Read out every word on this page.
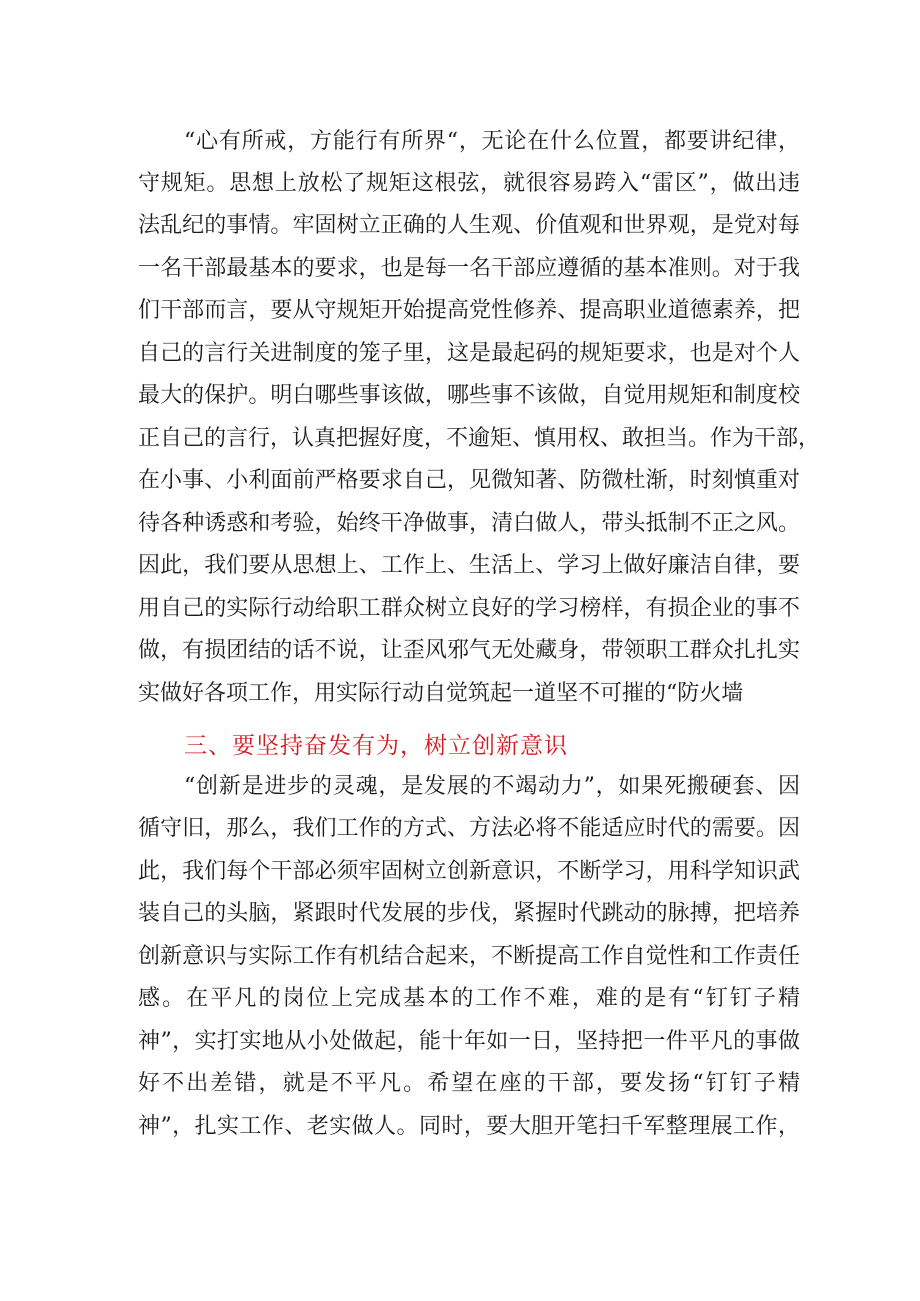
“心有所戒，方能行有所界“，无论在什么位置，都要讲纪律，
守规矩。思想上放松了规矩这根弦，就很容易跨入“雷区”，做出违
法乱纪的事情。牢固树立正确的人生观、价值观和世界观，是党对每
一名干部最基本的要求，也是每一名干部应遵循的基本准则。对于我
们干部而言，要从守规矩开始提高党性修养、提高职业道德素养，把
自己的言行关进制度的笼子里，这是最起码的规矩要求，也是对个人
最大的保护。明白哪些事该做，哪些事不该做，自觉用规矩和制度校
正自己的言行，认真把握好度，不逾矩、慎用权、敢担当。作为干部，
在小事、小利面前严格要求自己，见微知著、防微杜渐，时刻慎重对
待各种诱惑和考验，始终干净做事，清白做人，带头抵制不正之风。
因此，我们要从思想上、工作上、生活上、学习上做好廉洁自律，要
用自己的实际行动给职工群众树立良好的学习榜样，有损企业的事不
做，有损团结的话不说，让歪风邪气无处藏身，带领职工群众扎扎实
实做好各项工作，用实际行动自觉筑起一道坚不可摧的“防火墙
三、要坚持奋发有为，树立创新意识
“创新是进步的灵魂，是发展的不竭动力”，如果死搬硬套、因
循守旧，那么，我们工作的方式、方法必将不能适应时代的需要。因
此，我们每个干部必须牢固树立创新意识，不断学习，用科学知识武
装自己的头脑，紧跟时代发展的步伐，紧握时代跳动的脉搏，把培养
创新意识与实际工作有机结合起来，不断提高工作自觉性和工作责任
感。在平凡的岗位上完成基本的工作不难，难的是有“钉钉子精
神”，实打实地从小处做起，能十年如一日，坚持把一件平凡的事做
好不出差错，就是不平凡。希望在座的干部，要发扬“钉钉子精
神”，扎实工作、老实做人。同时，要大胆开笔扫千军整理展工作，
